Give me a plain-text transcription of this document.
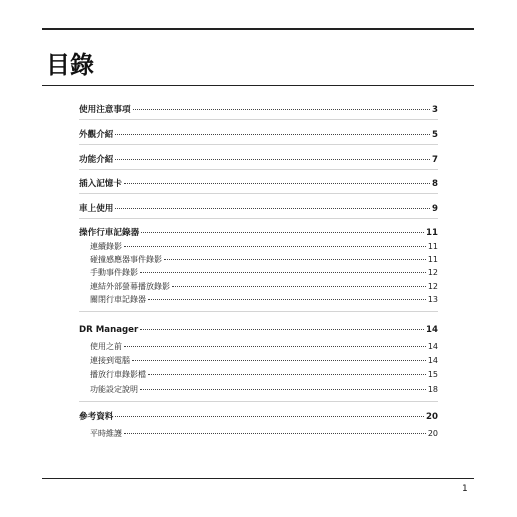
目錄
使用注意事項	3
外觀介紹	5
功能介紹	7
插入記憶卡	8
車上使用	9
操作行車記錄器	11
連續錄影	11
碰撞感應器事件錄影	11
手動事件錄影	12
連結外部螢幕播放錄影	12
關閉行車記錄器	13
DR Manager	14
使用之前	14
連接到電腦	14
播放行車錄影檔	15
功能設定說明	18
參考資料	20
平時維護	20
1
